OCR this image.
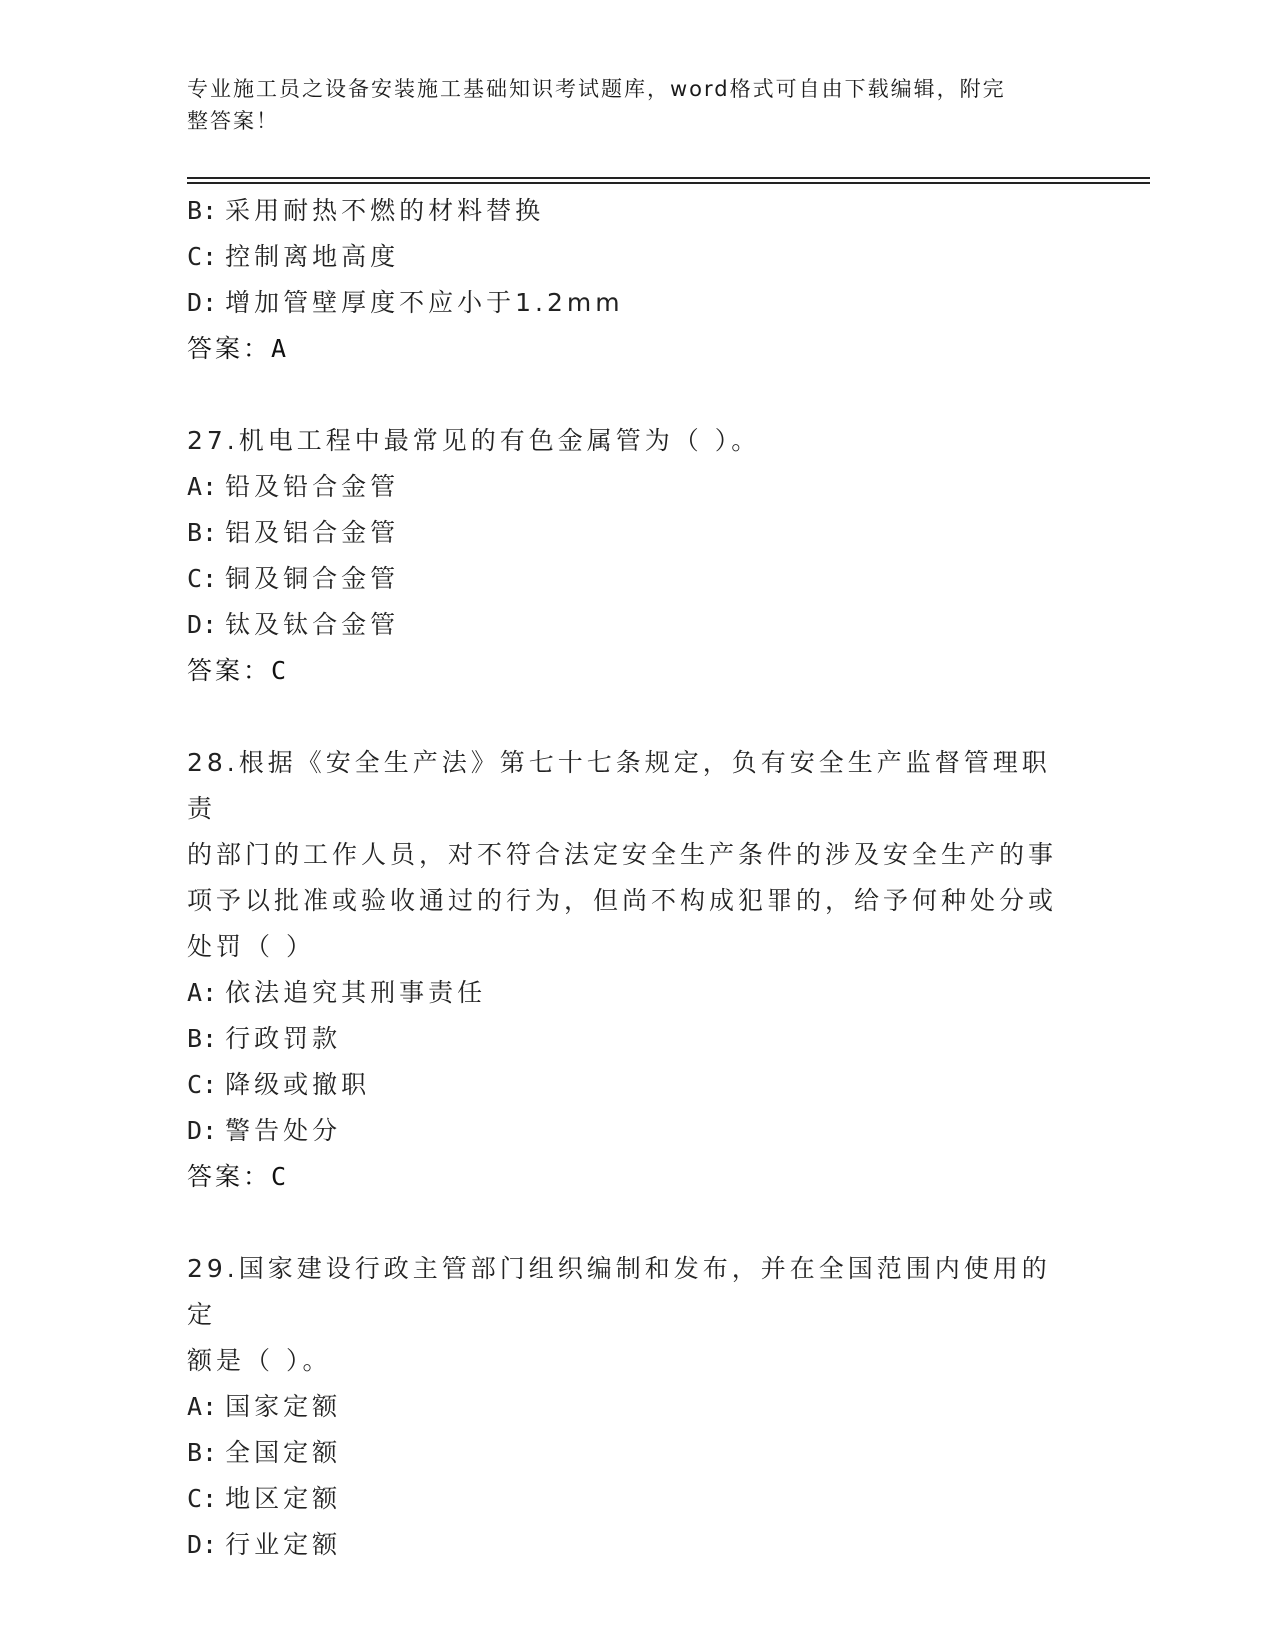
专业施工员之设备安装施工基础知识考试题库，word格式可自由下载编辑，附完
整答案！
B: 采用耐热不燃的材料替换
C: 控制离地高度
D: 增加管壁厚度不应小于1.2mm
答案：A
27.机电工程中最常见的有色金属管为（ ）。
A: 铅及铅合金管
B: 铝及铝合金管
C: 铜及铜合金管
D: 钛及钛合金管
答案：C
28.根据《安全生产法》第七十七条规定，负有安全生产监督管理职责
的部门的工作人员，对不符合法定安全生产条件的涉及安全生产的事
项予以批准或验收通过的行为，但尚不构成犯罪的，给予何种处分或
处罚（ ）
A: 依法追究其刑事责任
B: 行政罚款
C: 降级或撤职
D: 警告处分
答案：C
29.国家建设行政主管部门组织编制和发布，并在全国范围内使用的定
额是（ ）。
A: 国家定额
B: 全国定额
C: 地区定额
D: 行业定额
